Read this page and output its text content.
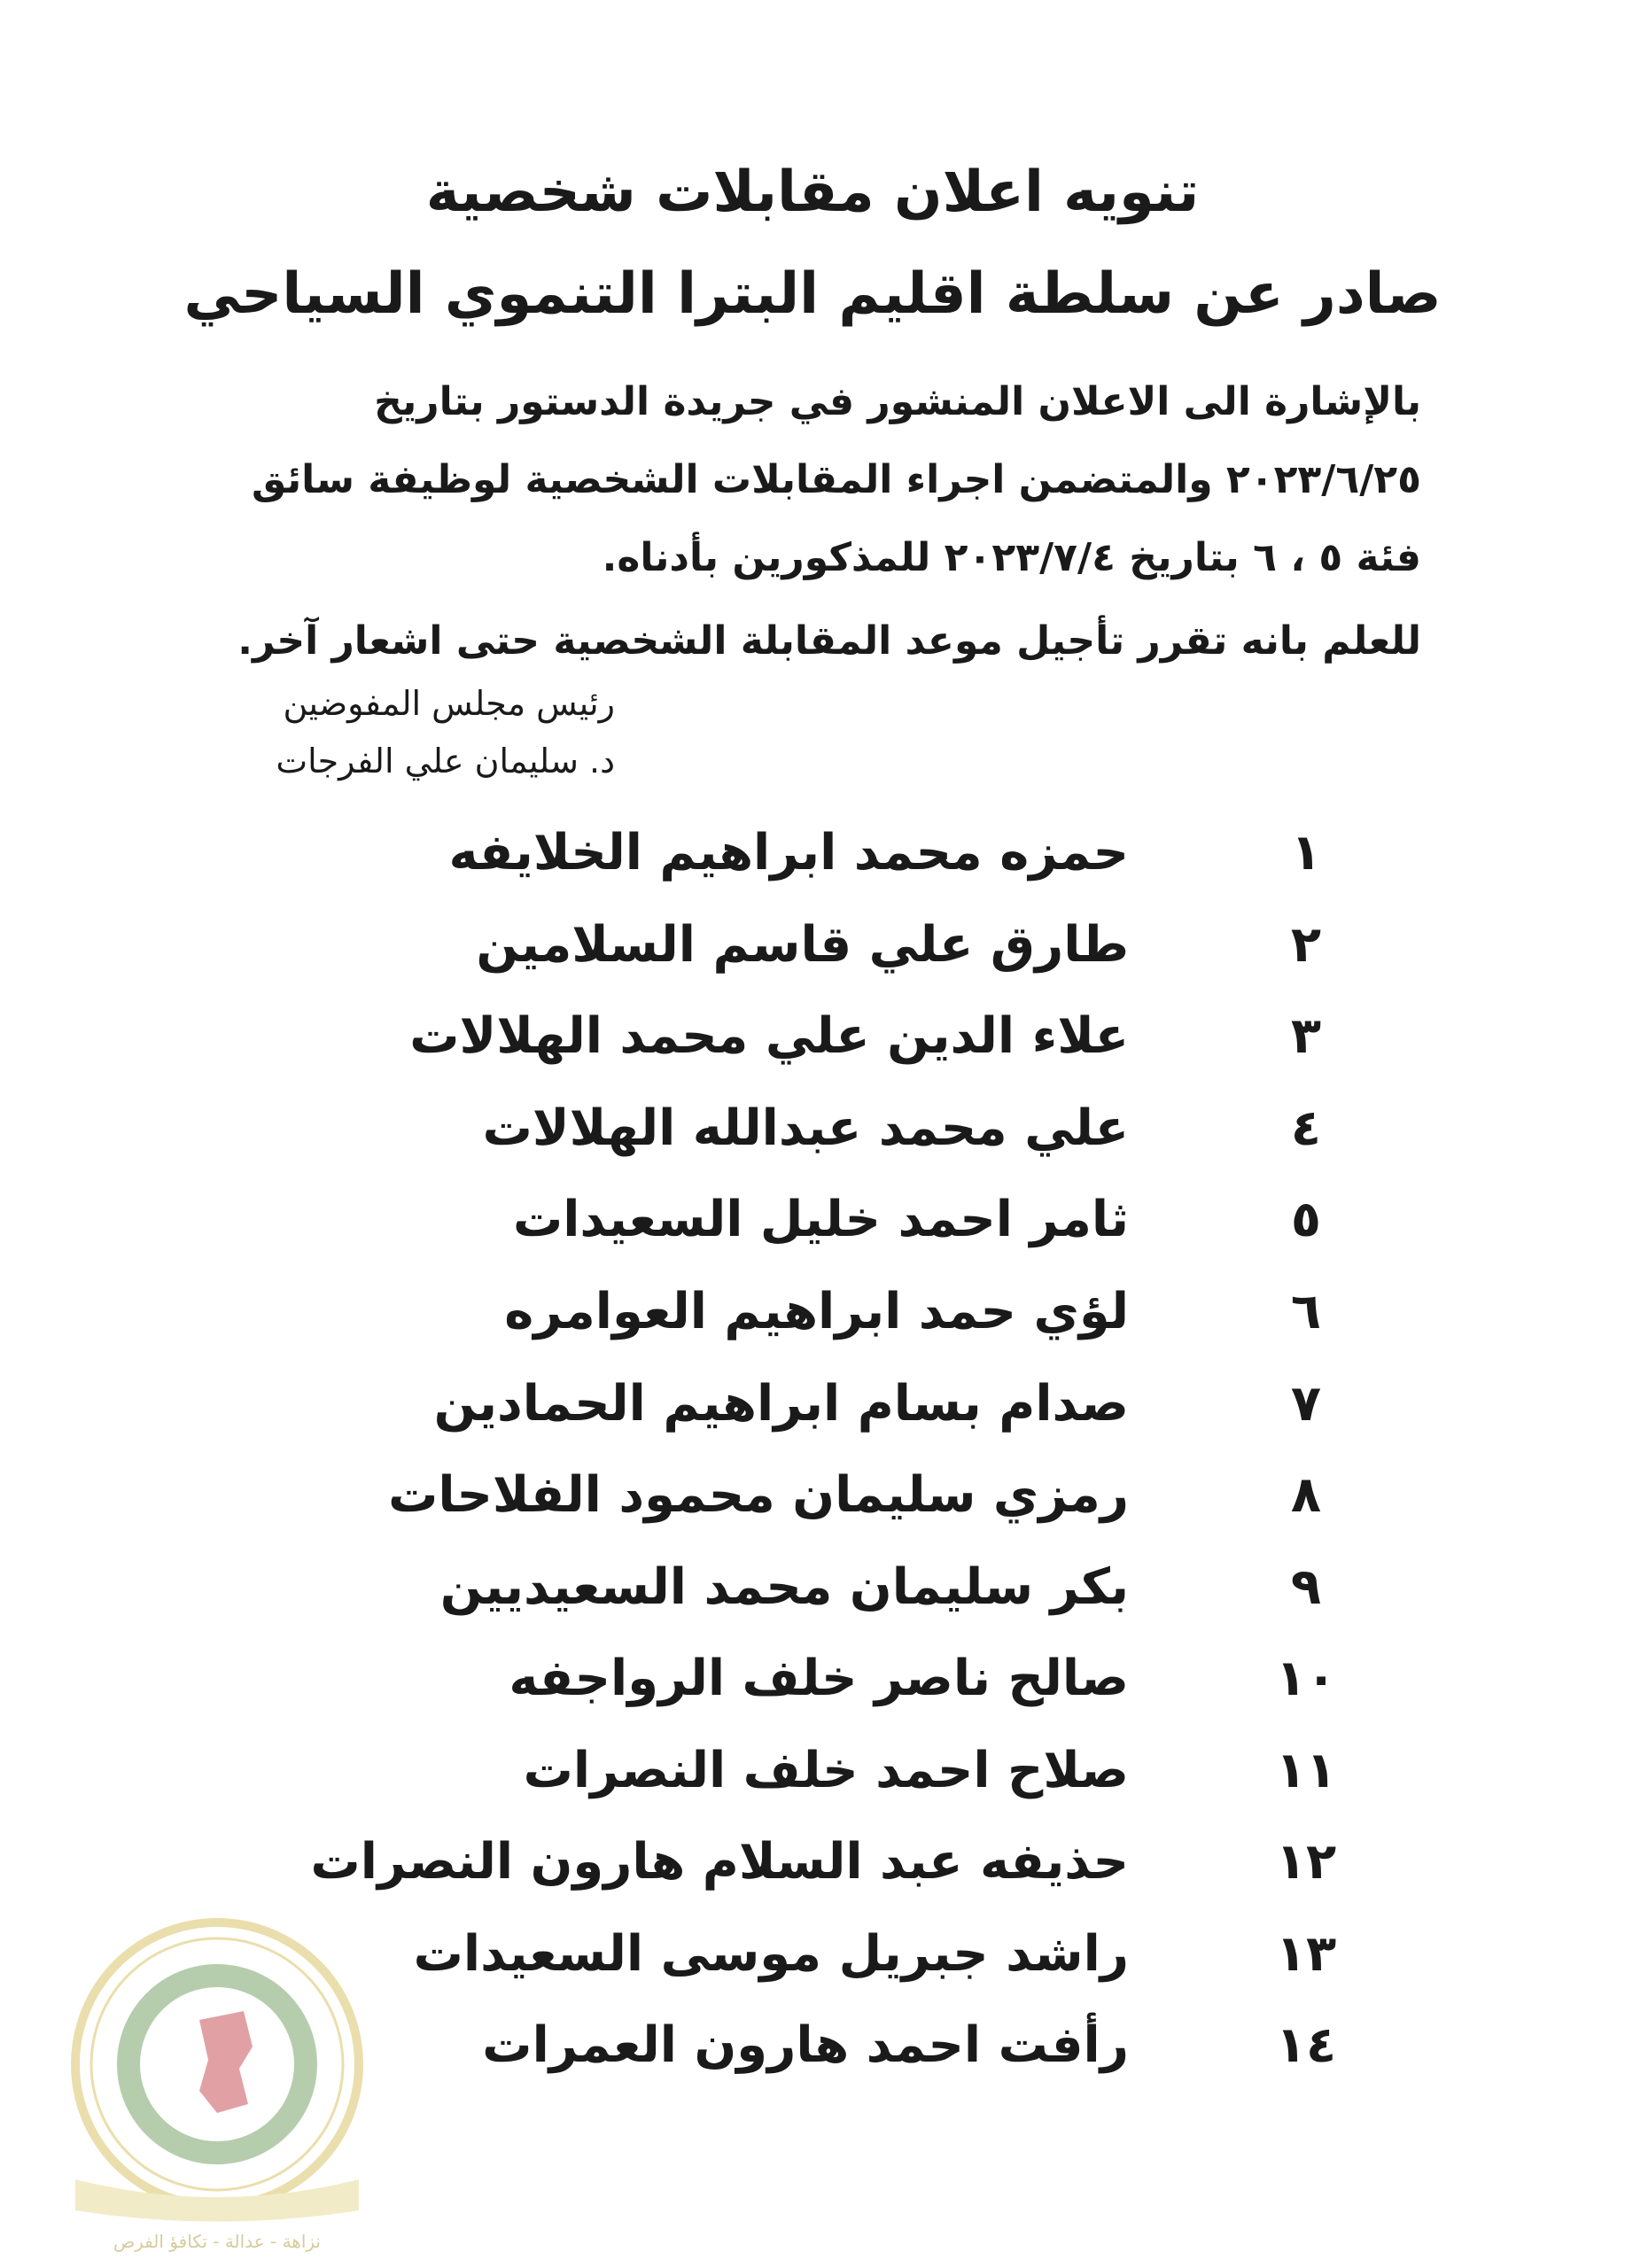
تنويه اعلان مقابلات شخصية
صادر عن سلطة اقليم البترا التنموي السياحي
بالإشارة الى الاعلان المنشور في جريدة الدستور بتاريخ
٢٠٢٣/٦/٢٥ والمتضمن اجراء المقابلات الشخصية لوظيفة سائق
فئة ٥ ، ٦ بتاريخ ٢٠٢٣/٧/٤ للمذكورين بأدناه.
للعلم بانه تقرر تأجيل موعد المقابلة الشخصية حتى اشعار آخر.
رئيس مجلس المفوضين
د. سليمان علي الفرجات
١
حمزه محمد ابراهيم الخلايفه
٢
طارق علي قاسم السلامين
٣
علاء الدين علي محمد الهلالات
٤
علي محمد عبدالله الهلالات
٥
ثامر احمد خليل السعيدات
٦
لؤي حمد ابراهيم العوامره
٧
صدام بسام ابراهيم الحمادين
٨
رمزي سليمان محمود الفلاحات
٩
بكر سليمان محمد السعيديين
١٠
صالح ناصر خلف الرواجفه
١١
صلاح احمد خلف النصرات
١٢
حذيفه عبد السلام هارون النصرات
١٣
راشد جبريل موسى السعيدات
١٤
رأفت احمد هارون العمرات
نزاهة - عدالة - تكافؤ الفرص
